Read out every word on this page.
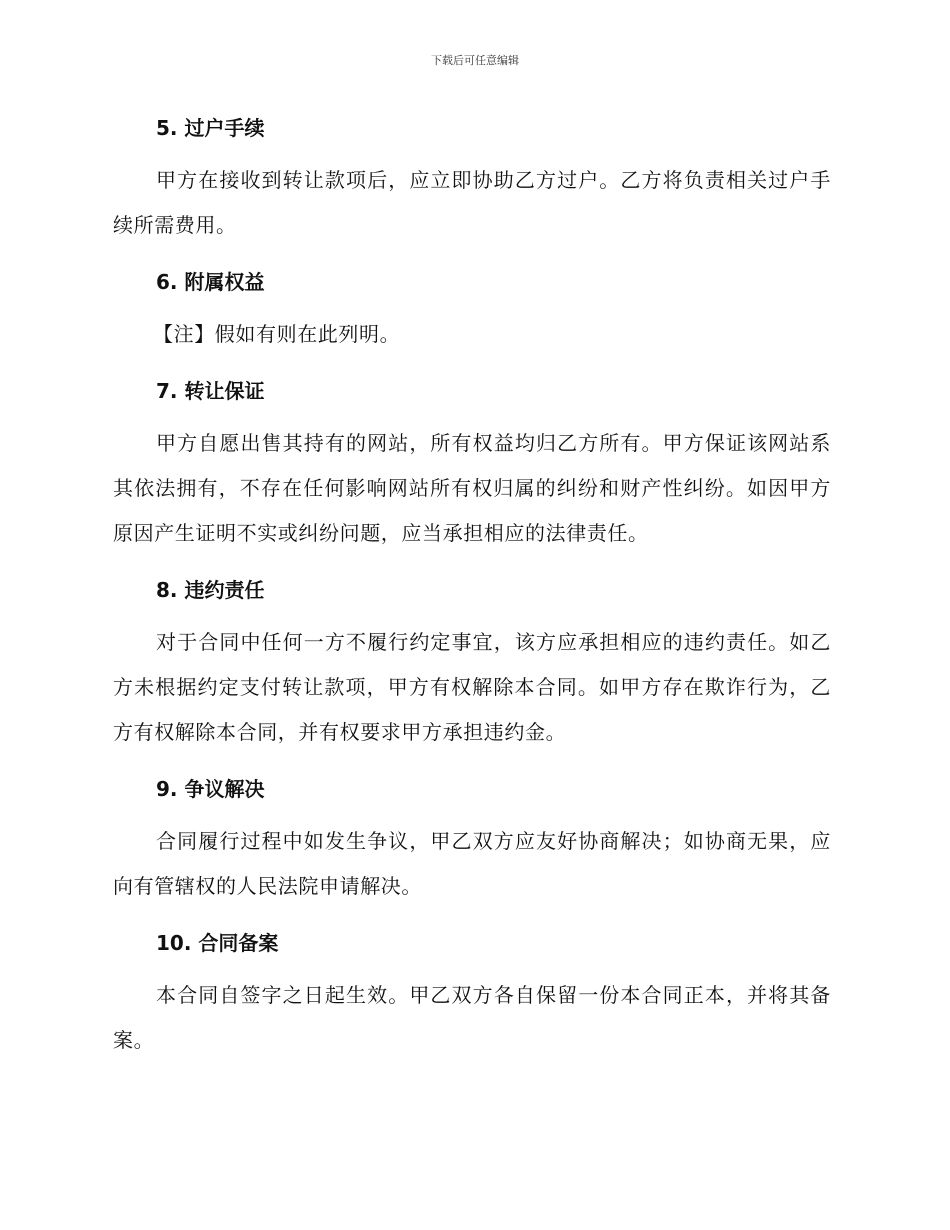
下载后可任意编辑
5. 过户手续
甲方在接收到转让款项后，应立即协助乙方过户。乙方将负责相关过户手续所需费用。
6. 附属权益
【注】假如有则在此列明。
7. 转让保证
甲方自愿出售其持有的网站，所有权益均归乙方所有。甲方保证该网站系其依法拥有，不存在任何影响网站所有权归属的纠纷和财产性纠纷。如因甲方原因产生证明不实或纠纷问题，应当承担相应的法律责任。
8. 违约责任
对于合同中任何一方不履行约定事宜，该方应承担相应的违约责任。如乙方未根据约定支付转让款项，甲方有权解除本合同。如甲方存在欺诈行为，乙方有权解除本合同，并有权要求甲方承担违约金。
9. 争议解决
合同履行过程中如发生争议，甲乙双方应友好协商解决；如协商无果，应向有管辖权的人民法院申请解决。
10. 合同备案
本合同自签字之日起生效。甲乙双方各自保留一份本合同正本，并将其备案。
